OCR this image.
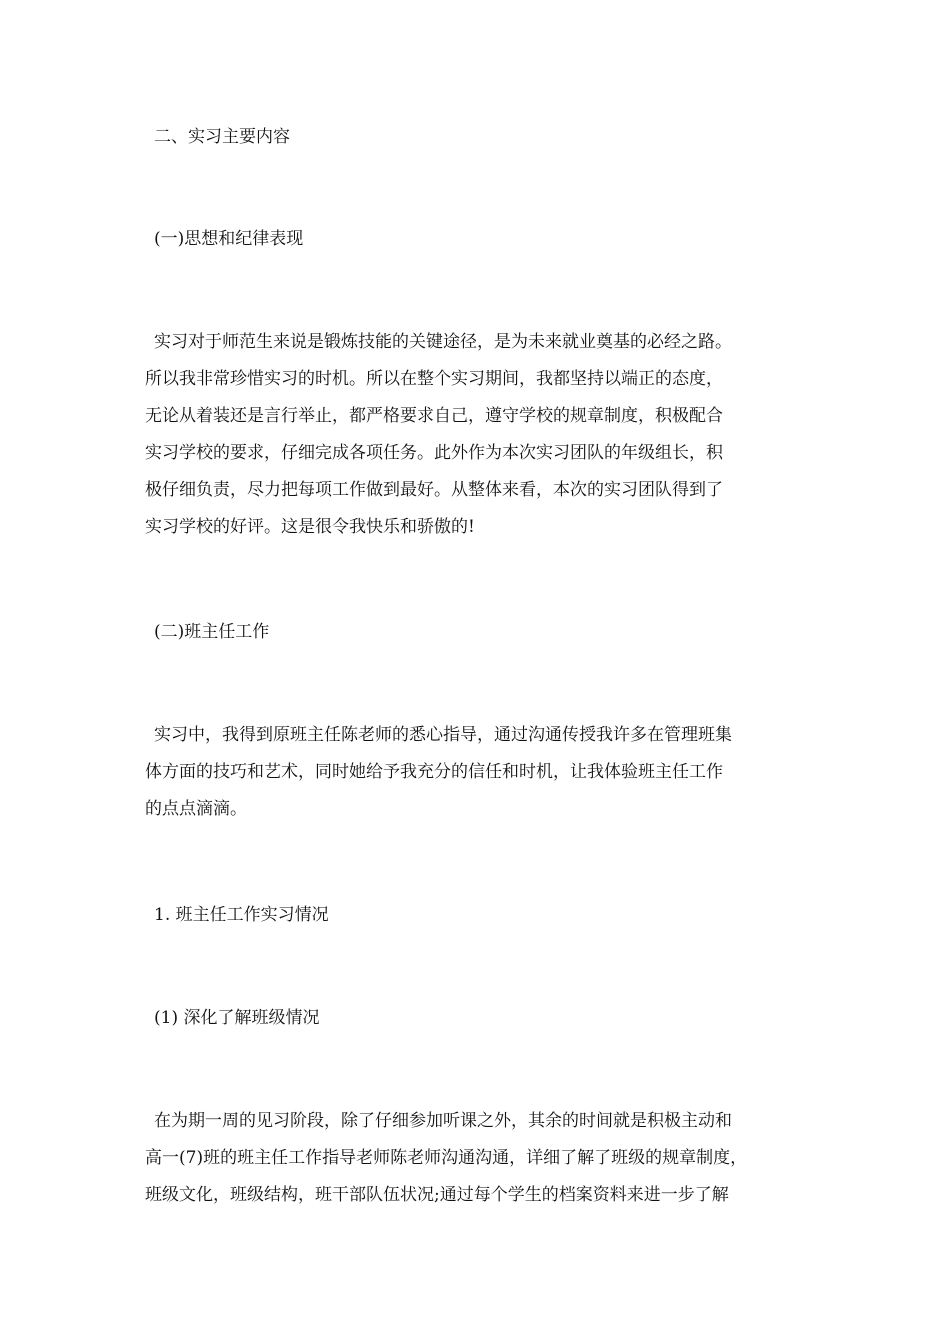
二、实习主要内容
(一)思想和纪律表现
实习对于师范生来说是锻炼技能的关键途径，是为未来就业奠基的必经之路。
所以我非常珍惜实习的时机。所以在整个实习期间，我都坚持以端正的态度，
无论从着装还是言行举止，都严格要求自己，遵守学校的规章制度，积极配合
实习学校的要求，仔细完成各项任务。此外作为本次实习团队的年级组长，积
极仔细负责，尽力把每项工作做到最好。从整体来看，本次的实习团队得到了
实习学校的好评。这是很令我快乐和骄傲的!
(二)班主任工作
实习中，我得到原班主任陈老师的悉心指导，通过沟通传授我许多在管理班集
体方面的技巧和艺术，同时她给予我充分的信任和时机，让我体验班主任工作
的点点滴滴。
1. 班主任工作实习情况
(1) 深化了解班级情况
在为期一周的见习阶段，除了仔细参加听课之外，其余的时间就是积极主动和
高一(7)班的班主任工作指导老师陈老师沟通沟通，详细了解了班级的规章制度，
班级文化，班级结构，班干部队伍状况;通过每个学生的档案资料来进一步了解
